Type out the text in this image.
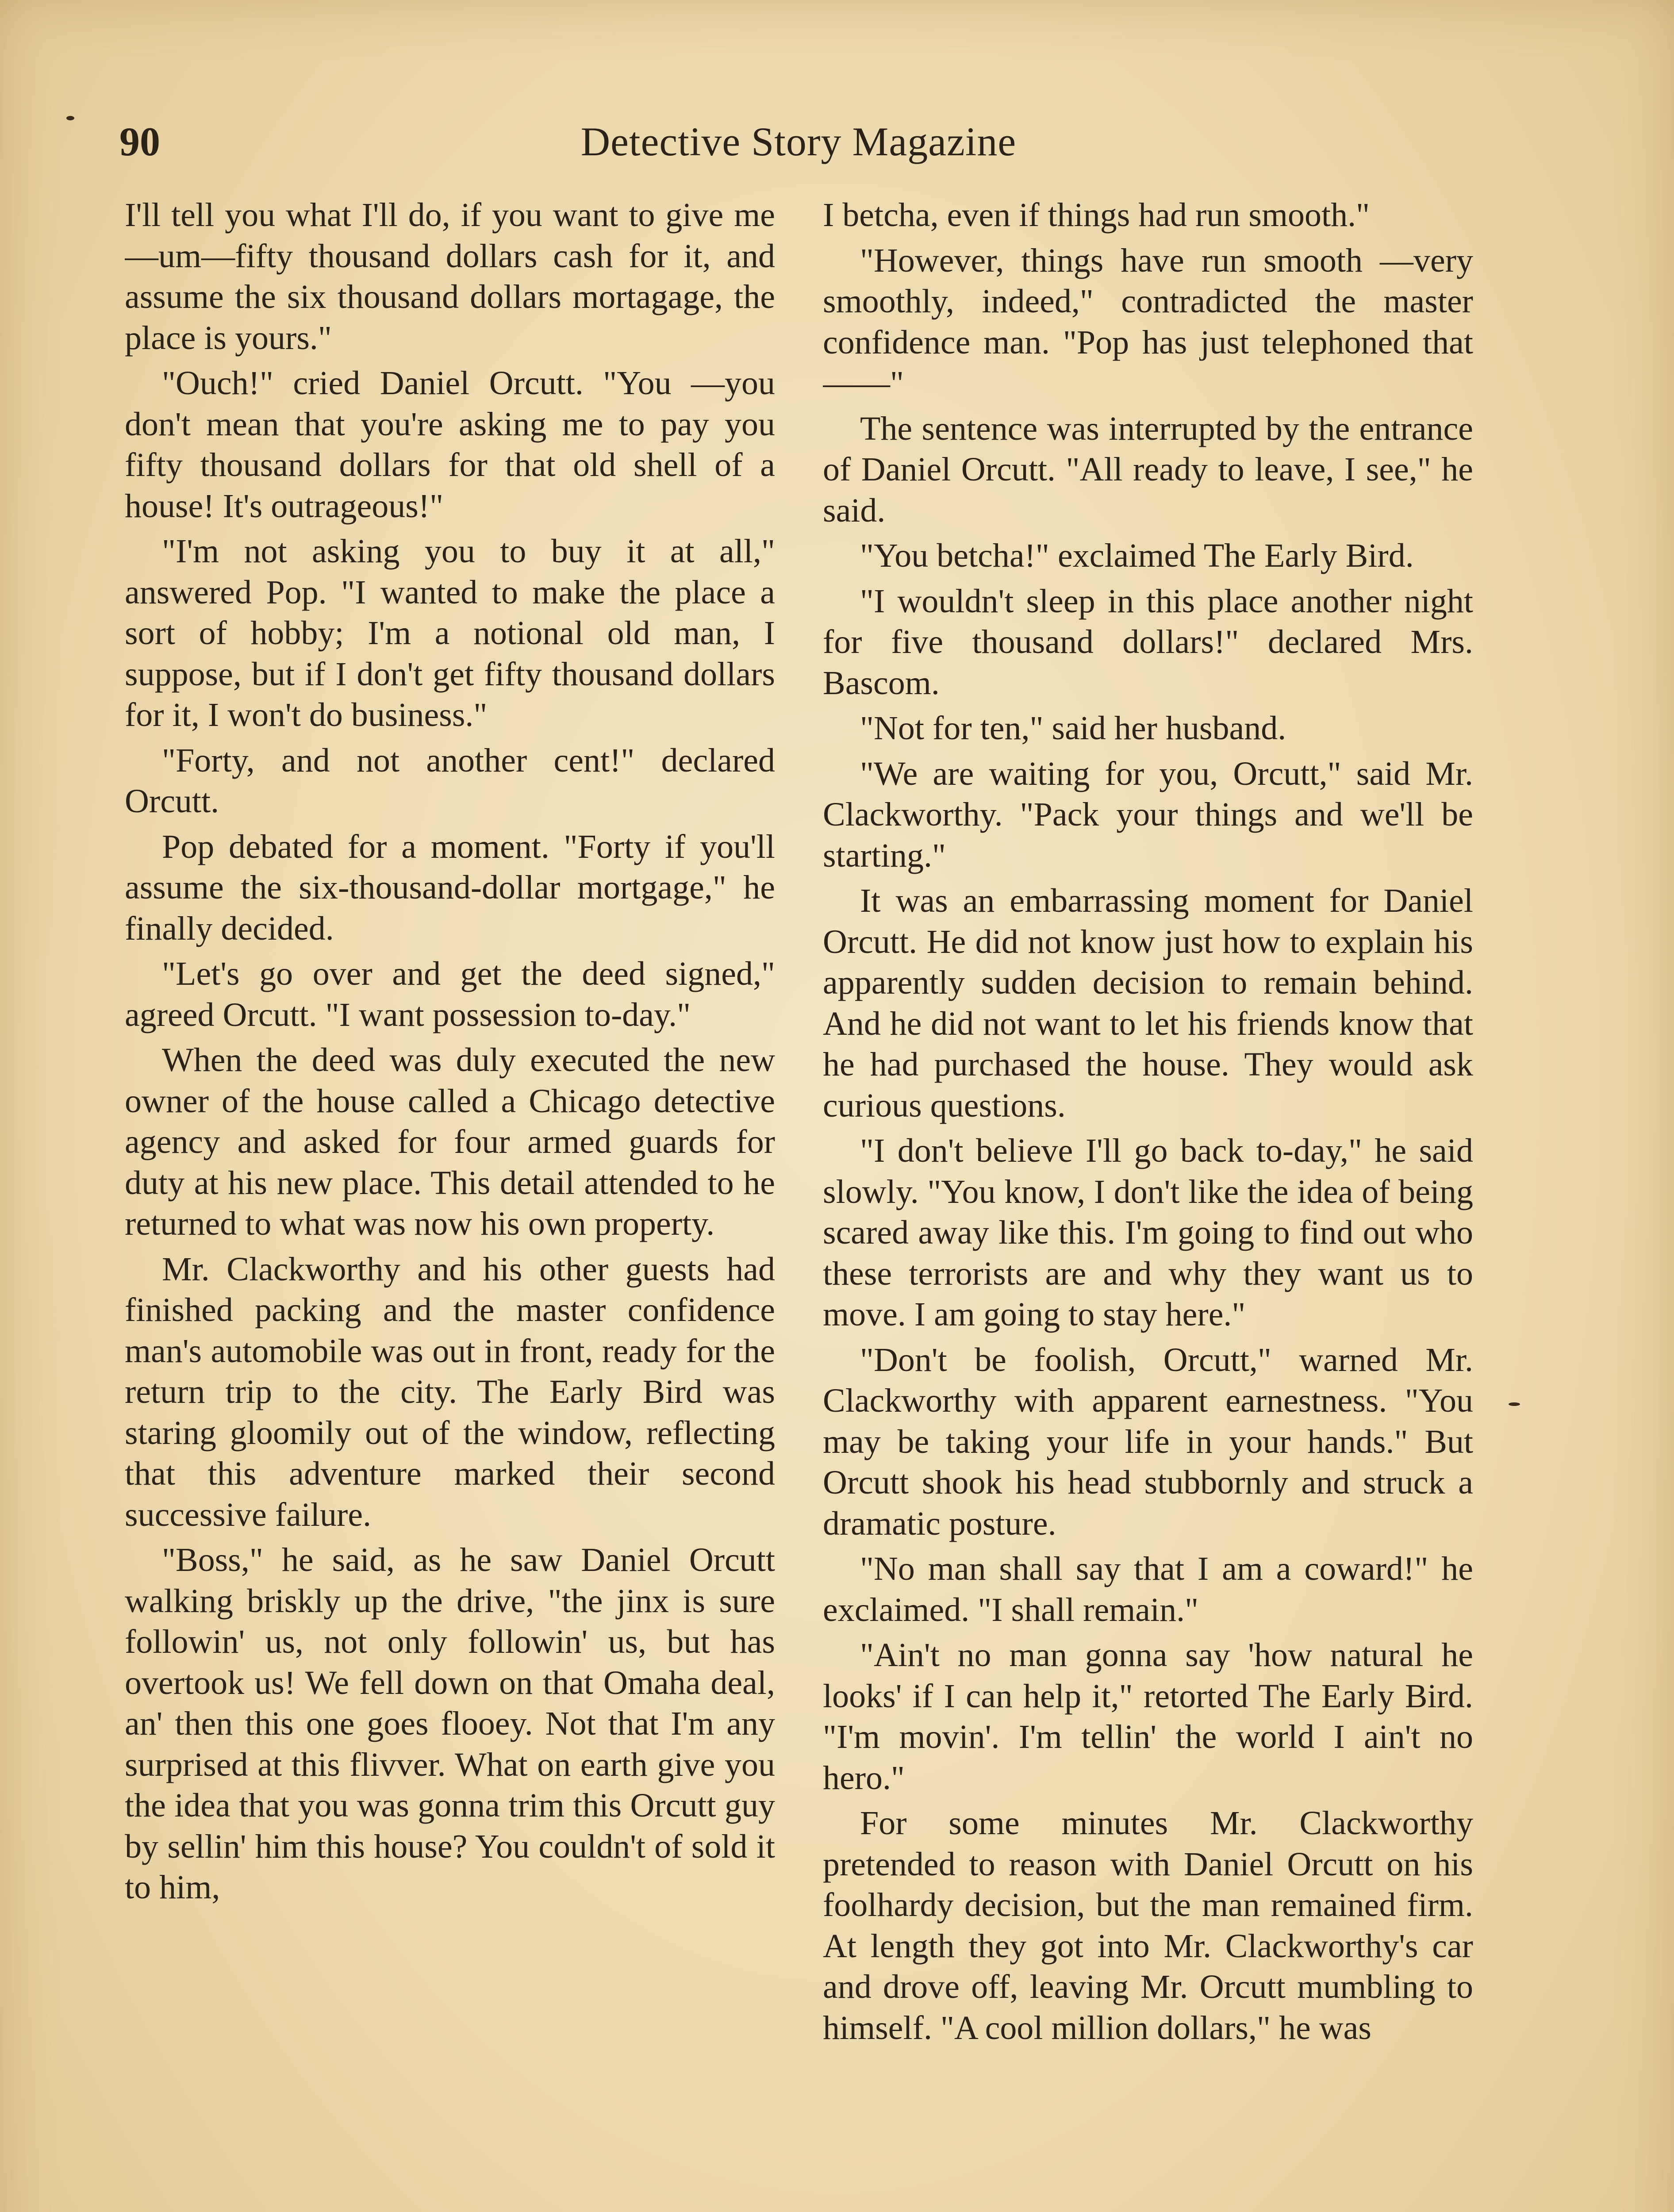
90	Detective Story Magazine

I'll tell you what I'll do, if you want to give me—um—fifty thousand dollars cash for it, and assume the six thousand dollars mortagage, the place is yours."

"Ouch!" cried Daniel Orcutt. "You —you don't mean that you're asking me to pay you fifty thousand dollars for that old shell of a house! It's outrageous!"

"I'm not asking you to buy it at all," answered Pop. "I wanted to make the place a sort of hobby; I'm a notional old man, I suppose, but if I don't get fifty thousand dollars for it, I won't do business."

"Forty, and not another cent!" declared Orcutt.

Pop debated for a moment. "Forty if you'll assume the six-thousand-dollar mortgage," he finally decided.

"Let's go over and get the deed signed," agreed Orcutt. "I want possession to-day."

When the deed was duly executed the new owner of the house called a Chicago detective agency and asked for four armed guards for duty at his new place. This detail attended to he returned to what was now his own property.

Mr. Clackworthy and his other guests had finished packing and the master confidence man's automobile was out in front, ready for the return trip to the city. The Early Bird was staring gloomily out of the window, reflecting that this adventure marked their second successive failure.

"Boss," he said, as he saw Daniel Orcutt walking briskly up the drive, "the jinx is sure followin' us, not only followin' us, but has overtook us! We fell down on that Omaha deal, an' then this one goes flooey. Not that I'm any surprised at this flivver. What on earth give you the idea that you was gonna trim this Orcutt guy by sellin' him this house? You couldn't of sold it to him,

I betcha, even if things had run smooth."

"However, things have run smooth —very smoothly, indeed," contradicted the master confidence man. "Pop has just telephoned that——"

The sentence was interrupted by the entrance of Daniel Orcutt. "All ready to leave, I see," he said.

"You betcha!" exclaimed The Early Bird.

"I wouldn't sleep in this place another night for five thousand dollars!" declared Mrs. Bascom.

"Not for ten," said her husband.

"We are waiting for you, Orcutt," said Mr. Clackworthy. "Pack your things and we'll be starting."

It was an embarrassing moment for Daniel Orcutt. He did not know just how to explain his apparently sudden decision to remain behind. And he did not want to let his friends know that he had purchased the house. They would ask curious questions.

"I don't believe I'll go back to-day," he said slowly. "You know, I don't like the idea of being scared away like this. I'm going to find out who these terrorists are and why they want us to move. I am going to stay here."

"Don't be foolish, Orcutt," warned Mr. Clackworthy with apparent earnestness. "You may be taking your life in your hands." But Orcutt shook his head stubbornly and struck a dramatic posture.

"No man shall say that I am a coward!" he exclaimed. "I shall remain."

"Ain't no man gonna say 'how natural he looks' if I can help it," retorted The Early Bird. "I'm movin'. I'm tellin' the world I ain't no hero."

For some minutes Mr. Clackworthy pretended to reason with Daniel Orcutt on his foolhardy decision, but the man remained firm. At length they got into Mr. Clackworthy's car and drove off, leaving Mr. Orcutt mumbling to himself. "A cool million dollars," he was
